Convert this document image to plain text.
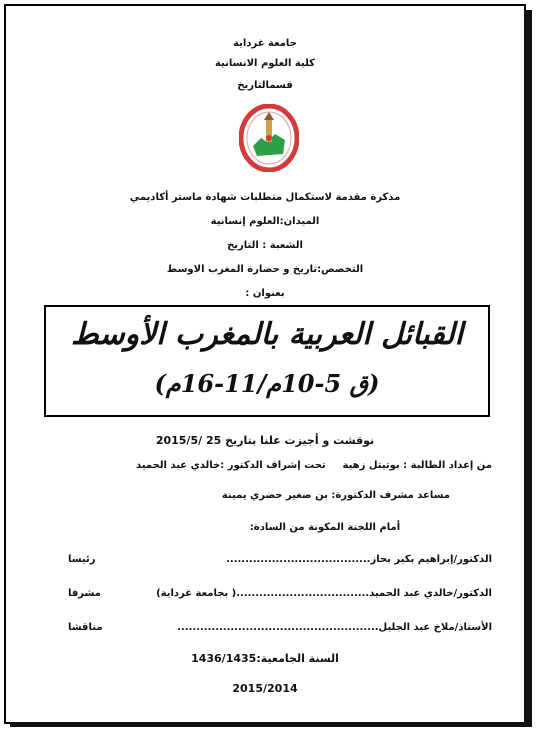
جامعة غرداية
كلية العلوم الانسانية
قسمالتاريخ
مذكرة مقدمة لاستكمال متطلبات شهادة ماستر أكاديمي
الميدان:العلوم إنسانية
الشعبة : التاريخ
التخصص:تاريخ و حضارة المغرب الاوسط
بعنوان :
القبائل العربية بالمغرب الأوسط
(ق 5-10م/11-16م)
نوقشت و أجيزت علنا بتاريخ 25 /2015/5
من إعداد الطالبة : بوتيتل زهية
تحت إشراف الدكتور :خالدي عبد الحميد
مساعد مشرف الدكتورة: بن صغير حضري يمينة
أمام اللجنة المكونة من السادة:
الدكتور/إبراهيم بكير بحاز......................................
رئيسا
الدكتور/خالدي عبد الحميد...................................( بجامعة غرداية)
مشرفا
الأستاذ/ملاخ عبد الجليل.....................................................
مناقشا
السنة الجامعية:1436/1435
2015/2014
